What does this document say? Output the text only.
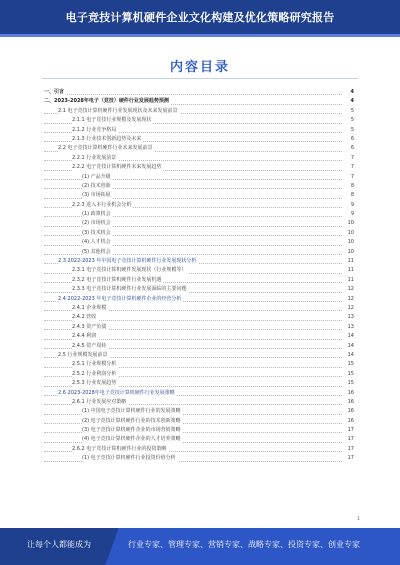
电子竞技计算机硬件企业文化构建及优化策略研究报告
内容目录
一、引言	4
二、2023-2028年电子（竞技）硬件行业发展趋势预测	4
2.1 电子竞技计算机硬件行业发展现状及未来发展前景	5
2.1.1 电子竞技行业规模及发展现状	5
2.1.2 行业竞争格局	5
2.1.3 行业技术创新趋势及未来	6
2.2 电子竞技计算机硬件行业未来发展前景	6
2.2.1 行业发展前景	7
2.2.2 电子竞技计算机硬件未来发展趋势	7
(1) 产品升级	7
(2) 技术创新	8
(3) 市场拓展	8
2.2.3 进入本行业机会分析	9
(1) 政策机会	9
(2) 市场机会	10
(3) 技术机会	10
(4) 人才机会	10
(5) 其他机会	10
2.3 2022-2023 年中国电子竞技计算机硬件行业发展现状分析	11
2.3.1 电子竞技计算机硬件发展现状（行业规模等）	11
2.3.2 电子竞技计算机硬件行业发展机遇	11
2.3.3 电子竞技计算机硬件行业发展面临的主要问题	12
2.4 2022-2023 年电子竞技计算机硬件企业的经营分析	12
2.4.1 企业规模	12
2.4.2 营收	13
2.4.3 资产负债	13
2.4.4 利润	14
2.4.5 资产周转	14
2.5 行业规模发展前景	14
2.5.1 行业规模分析	15
2.5.2 行业利润分析	15
2.5.3 行业发展趋势	15
2.6 2023-2028年电子竞技计算机硬件行业发展策略	16
2.6.1 行业发展应对策略	16
(1) 中国电子竞技计算机硬件行业的发展策略	16
(2) 电子竞技计算机硬件行业的技术创新策略	16
(3) 电子竞技计算机硬件企业的市场营销策略	17
(4) 电子竞技计算机硬件企业的人才培养策略	17
2.6.2 电子竞技计算机硬件行业的投资策略	17
(1) 电子竞技计算机硬件行业投资价值分析	17
1
让每个人都能成为	行业专家、管理专家、营销专家、战略专家、投资专家、创业专家
